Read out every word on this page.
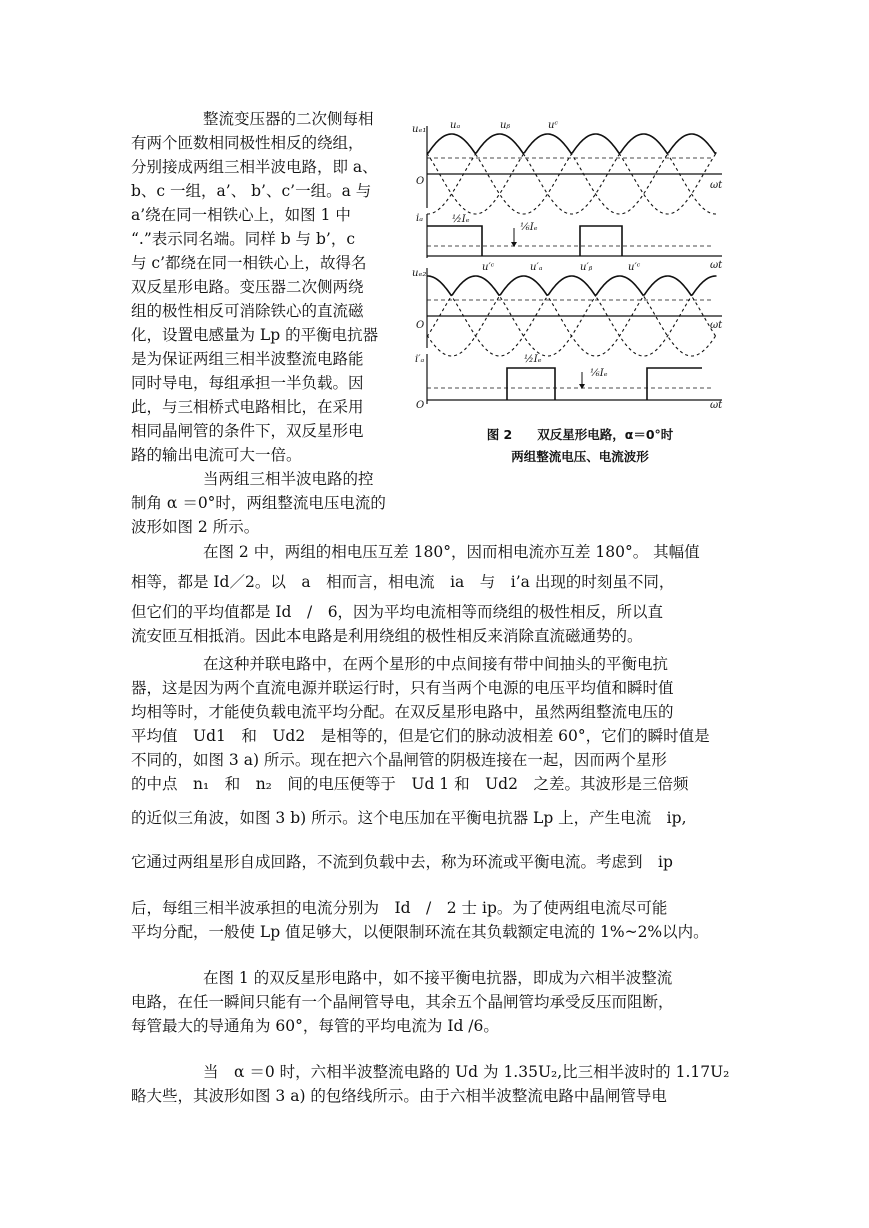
整流变压器的二次侧每相
有两个匝数相同极性相反的绕组，
分别接成两组三相半波电路，即 a、
b、c 一组，a’、 b’、c’一组。a 与
a’绕在同一相铁心上，如图 1 中
“.”表示同名端。同样 b 与 b’，c
与 c’都绕在同一相铁心上，故得名
双反星形电路。变压器二次侧两绕
组的极性相反可消除铁心的直流磁
化，设置电感量为 Lp 的平衡电抗器
是为保证两组三相半波整流电路能
同时导电，每组承担一半负载。因
此，与三相桥式电路相比，在采用
相同晶闸管的条件下，双反星形电
路的输出电流可大一倍。
当两组三相半波电路的控
制角 α ＝0°时，两组整流电压电流的
波形如图 2 所示。
uₑ₁ uₐ	uᵦ	uᶜ
O	ωt
iₐ	½Iₑ
⅙Iₑ
ωt
uₑ₂
u′ᶜ	u′ₐ	u′ᵦ	u′ᶜ
O	ωt
i′ₐ	½Iₑ
⅙Iₑ
O	ωt
图 2　　双反星形电路，α＝0°时
两组整流电压、电流波形
在图 2 中，两组的相电压互差 180°，因而相电流亦互差 180°。 其幅值
相等，都是 Id／2。以　a　相而言，相电流　ia　与　i’a 出现的时刻虽不同，
但它们的平均值都是 Id　/　6，因为平均电流相等而绕组的极性相反，所以直
流安匝互相抵消。因此本电路是利用绕组的极性相反来消除直流磁通势的。
在这种并联电路中，在两个星形的中点间接有带中间抽头的平衡电抗
器，这是因为两个直流电源并联运行时，只有当两个电源的电压平均值和瞬时值
均相等时，才能使负载电流平均分配。在双反星形电路中，虽然两组整流电压的
平均值　Ud1　和　Ud2　是相等的，但是它们的脉动波相差 60°，它们的瞬时值是
不同的，如图 3 a) 所示。现在把六个晶闸管的阴极连接在一起，因而两个星形
的中点　n₁　和　n₂　间的电压便等于　Ud 1 和　Ud2　之差。其波形是三倍频
的近似三角波，如图 3 b) 所示。这个电压加在平衡电抗器 Lp 上，产生电流　ip,
它通过两组星形自成回路，不流到负载中去，称为环流或平衡电流。考虑到　ip
后，每组三相半波承担的电流分别为　Id　/　2 士 ip。为了使两组电流尽可能
平均分配，一般使 Lp 值足够大，以便限制环流在其负载额定电流的 1%~2%以内。
在图 1 的双反星形电路中，如不接平衡电抗器，即成为六相半波整流
电路，在任一瞬间只能有一个晶闸管导电，其余五个晶闸管均承受反压而阻断，
每管最大的导通角为 60°，每管的平均电流为 Id /6。
当　α ＝0 时，六相半波整流电路的 Ud 为 1.35U₂,比三相半波时的 1.17U₂
略大些，其波形如图 3 a) 的包络线所示。由于六相半波整流电路中晶闸管导电
